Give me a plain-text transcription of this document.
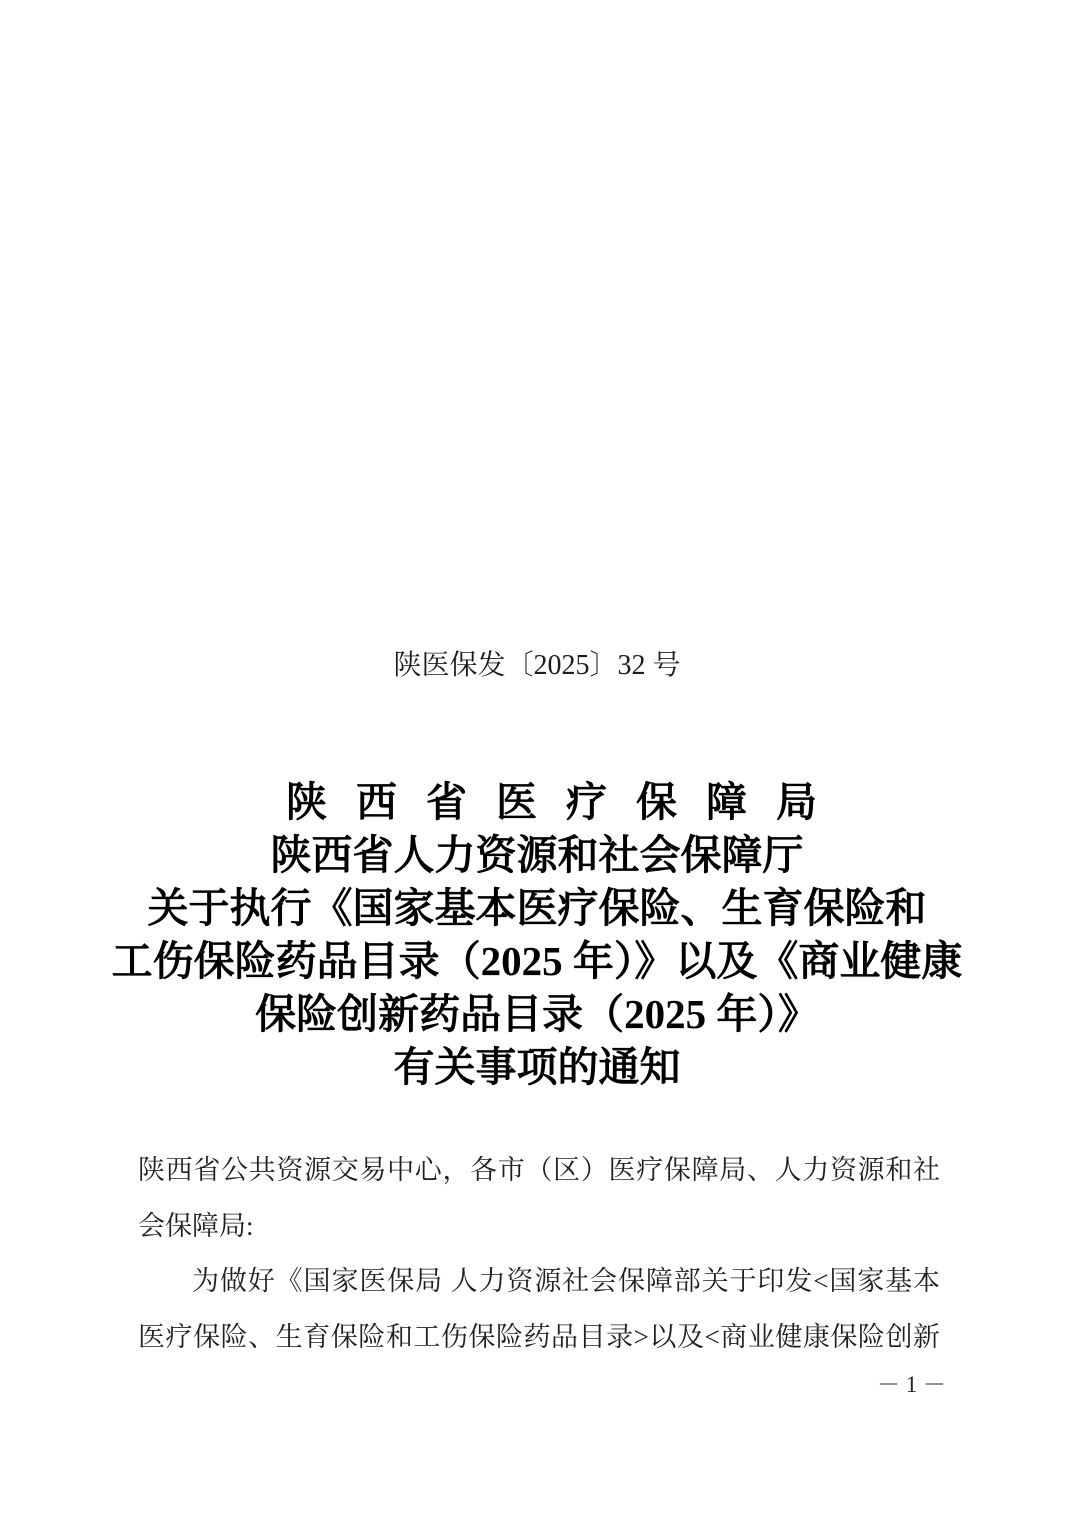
陕医保发〔2025〕32 号
陕西省医疗保障局
陕西省人力资源和社会保障厅
关于执行《国家基本医疗保险、生育保险和
工伤保险药品目录（2025 年）》以及《商业健康
保险创新药品目录（2025 年）》
有关事项的通知
陕西省公共资源交易中心，各市（区）医疗保障局、人力资源和社
会保障局:
为做好《国家医保局 人力资源社会保障部关于印发<国家基本
医疗保险、生育保险和工伤保险药品目录>以及<商业健康保险创新
－ 1 －
